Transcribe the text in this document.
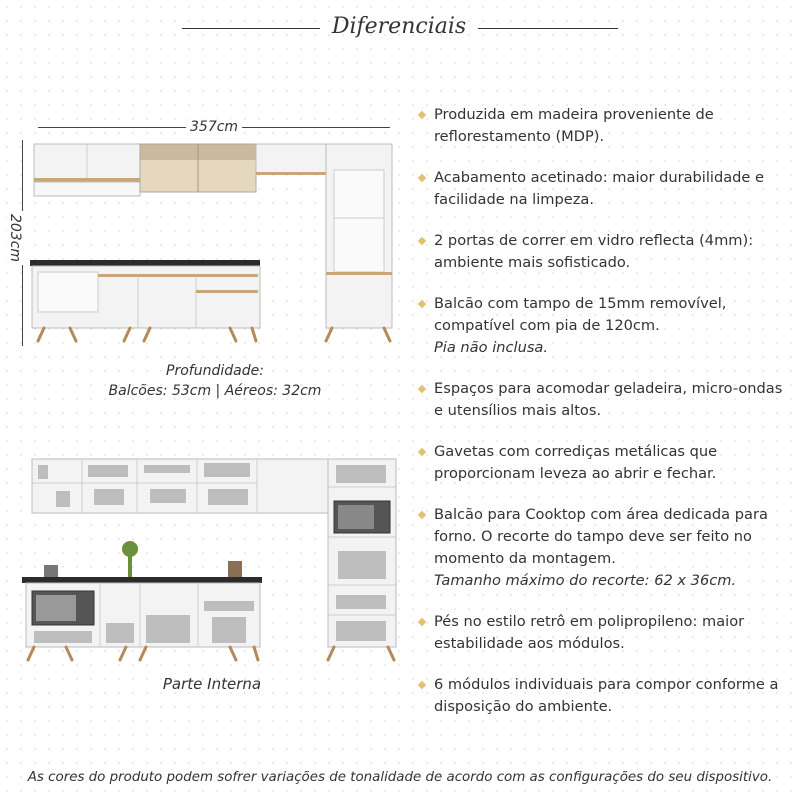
Diferenciais
357cm
203cm
Profundidade:
Balcões: 53cm | Aéreos: 32cm
Parte Interna
Produzida em madeira proveniente de reflorestamento (MDP).
Acabamento acetinado: maior durabilidade e facilidade na limpeza.
2 portas de correr em vidro reflecta (4mm): ambiente mais sofisticado.
Balcão com tampo de 15mm removível, compatível com pia de 120cm.
Pia não inclusa.
Espaços para acomodar geladeira, micro-ondas e utensílios mais altos.
Gavetas com corrediças metálicas que proporcionam leveza ao abrir e fechar.
Balcão para Cooktop com área dedicada para forno. O recorte do tampo deve ser feito no momento da montagem.
Tamanho máximo do recorte: 62 x 36cm.
Pés no estilo retrô em polipropileno: maior estabilidade aos módulos.
6 módulos individuais para compor conforme a disposição do ambiente.
As cores do produto podem sofrer variações de tonalidade de acordo com as configurações do seu dispositivo.
